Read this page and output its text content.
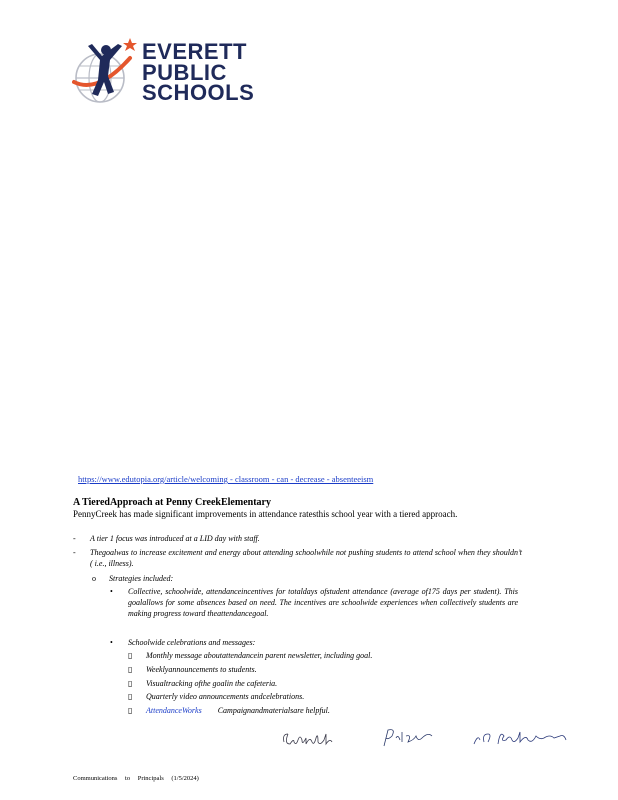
EVERETT
PUBLIC
SCHOOLS
https://www.edutopia.org/article/welcoming - classroom - can - decrease - absenteeism
A TieredApproach at Penny CreekElementary
PennyCreek has made significant improvements in attendance ratesthis school year with a tiered approach.
- A tier 1 focus was introduced at a LID day with staff.
- Thegoalwas to increase excitement and energy about attending schoolwhile not pushing students to attend school when they shouldn’t ( i.e., illness).
o Strategies included:
• Collective, schoolwide, attendanceincentives for totaldays ofstudent attendance (average of175 days per student). This goalallows for some absences based on need. The incentives are schoolwide experiences when collectively students are making progress toward theattendancegoal.
• Schoolwide celebrations and messages:
▯ Monthly message aboutattendancein parent newsletter, including goal.
▯ Weeklyannouncements to students.
▯ Visualtracking ofthe goalin the cafeteria.
▯ Quarterly video announcements andcelebrations.
▯ AttendanceWorks Campaignandmaterialsare helpful.
Communications to Principals (1/5/2024)
